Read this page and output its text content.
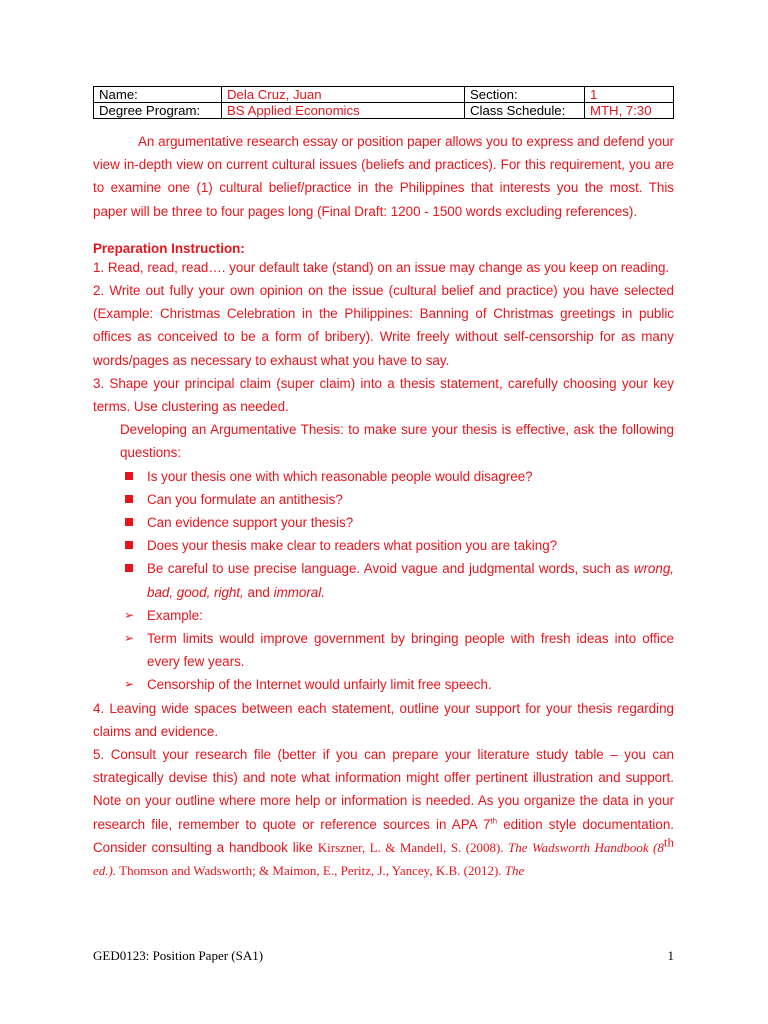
Name:	Dela Cruz, Juan	Section:	1
Degree Program:	BS Applied Economics	Class Schedule:	MTH, 7:30

An argumentative research essay or position paper allows you to express and defend your view in-depth view on current cultural issues (beliefs and practices). For this requirement, you are to examine one (1) cultural belief/practice in the Philippines that interests you the most. This paper will be three to four pages long (Final Draft: 1200 - 1500 words excluding references).

Preparation Instruction:

1. Read, read, read…. your default take (stand) on an issue may change as you keep on reading.

2. Write out fully your own opinion on the issue (cultural belief and practice) you have selected (Example: Christmas Celebration in the Philippines: Banning of Christmas greetings in public offices as conceived to be a form of bribery). Write freely without self-censorship for as many words/pages as necessary to exhaust what you have to say.

3. Shape your principal claim (super claim) into a thesis statement, carefully choosing your key terms. Use clustering as needed.

Developing an Argumentative Thesis: to make sure your thesis is effective, ask the following questions:

Is your thesis one with which reasonable people would disagree?

Can you formulate an antithesis?

Can evidence support your thesis?

Does your thesis make clear to readers what position you are taking?

Be careful to use precise language. Avoid vague and judgmental words, such as wrong, bad, good, right, and immoral.

➢ Example:

➢ Term limits would improve government by bringing people with fresh ideas into office every few years.

➢ Censorship of the Internet would unfairly limit free speech.

4. Leaving wide spaces between each statement, outline your support for your thesis regarding claims and evidence.

5. Consult your research file (better if you can prepare your literature study table – you can strategically devise this) and note what information might offer pertinent illustration and support. Note on your outline where more help or information is needed. As you organize the data in your research file, remember to quote or reference sources in APA 7th edition style documentation. Consider consulting a handbook like Kirszner, L. & Mandell, S. (2008). The Wadsworth Handbook (8th ed.). Thomson and Wadsworth; & Maimon, E., Peritz, J., Yancey, K.B. (2012). The

GED0123: Position Paper (SA1)	1
